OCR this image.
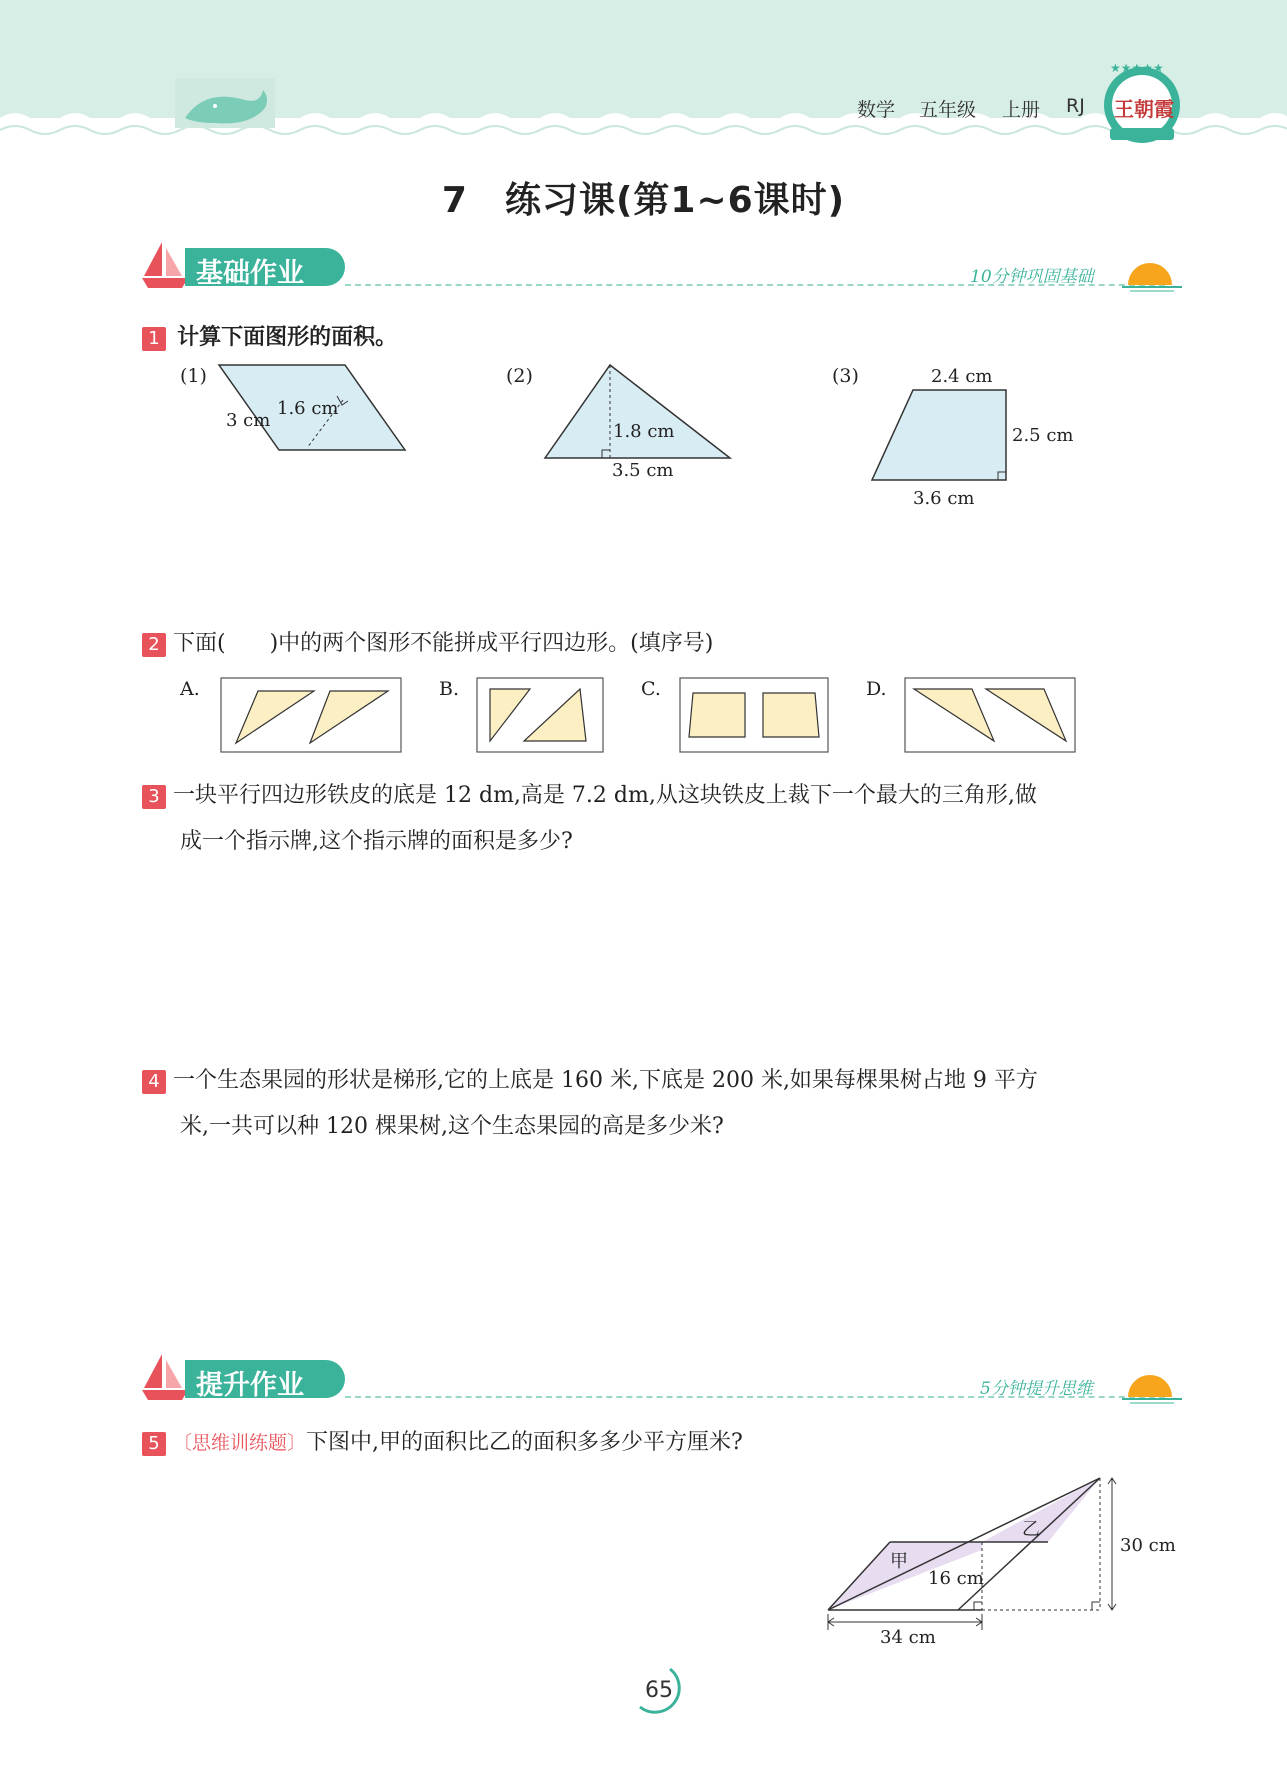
数学 五年级 上册 RJ
★★★★★
王朝霞
7　练习课(第1~6课时)
基础作业	10分钟巩固基础
1 计算下面图形的面积。
(1)
3 cm
1.6 cm
(2)
1.8 cm
3.5 cm
(3)	2.4 cm
2.5 cm
3.6 cm
2 下面(　　)中的两个图形不能拼成平行四边形。(填序号)
A.	B.	C.	D.
3 一块平行四边形铁皮的底是 12 dm,高是 7.2 dm,从这块铁皮上裁下一个最大的三角形,做
成一个指示牌,这个指示牌的面积是多少?
4 一个生态果园的形状是梯形,它的上底是 160 米,下底是 200 米,如果每棵果树占地 9 平方
米,一共可以种 120 棵果树,这个生态果园的高是多少米?
提升作业	5分钟提升思维
5 〔思维训练题〕下图中,甲的面积比乙的面积多多少平方厘米?
甲
乙
16 cm
30 cm
34 cm
65
